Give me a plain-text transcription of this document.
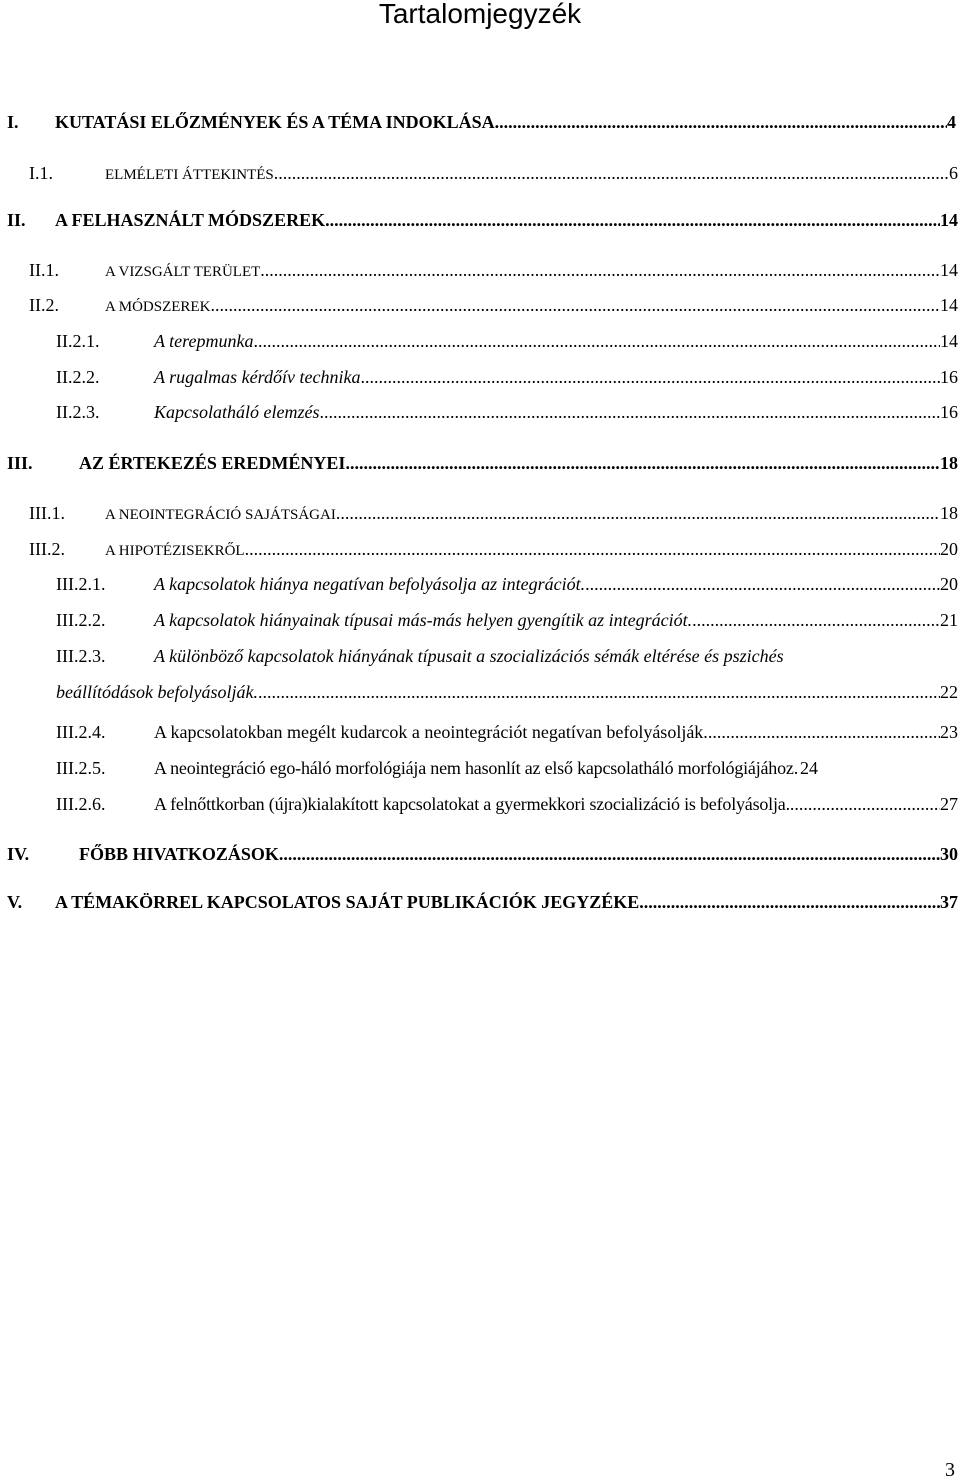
Tartalomjegyzék
I.	KUTATÁSI ELŐZMÉNYEK ÉS A TÉMA INDOKLÁSA .....	4
I.1.	ELMÉLETI ÁTTEKINTÉS .....	6
II.	A FELHASZNÁLT MÓDSZEREK .....	14
II.1.	A VIZSGÁLT TERÜLET .....	14
II.2.	A MÓDSZEREK .....	14
II.2.1.	A terepmunka .....	14
II.2.2.	A rugalmas kérdőív technika .....	16
II.2.3.	Kapcsolatháló elemzés .....	16
III.	AZ ÉRTEKEZÉS EREDMÉNYEI .....	18
III.1.	A NEOINTEGRÁCIÓ SAJÁTSÁGAI .....	18
III.2.	A HIPOTÉZISEKRŐL .....	20
III.2.1.	A kapcsolatok hiánya negatívan befolyásolja az integrációt. .....	20
III.2.2.	A kapcsolatok hiányainak típusai más-más helyen gyengítik az integrációt. .....	21
III.2.3.	A különböző kapcsolatok hiányának típusait a szocializációs sémák eltérése és pszichés
beállítódások befolyásolják. .....	22
III.2.4.	A kapcsolatokban megélt kudarcok a neointegrációt negatívan befolyásolják. .....	23
III.2.5.	A neointegráció ego-háló morfológiája nem hasonlít az első kapcsolatháló morfológiájához. 24
III.2.6.	A felnőttkorban (újra)kialakított kapcsolatokat a gyermekkori szocializáció is befolyásolja. .....	27
IV.	FŐBB HIVATKOZÁSOK .....	30
V.	A TÉMAKÖRREL KAPCSOLATOS SAJÁT PUBLIKÁCIÓK JEGYZÉKE .....	37
3
